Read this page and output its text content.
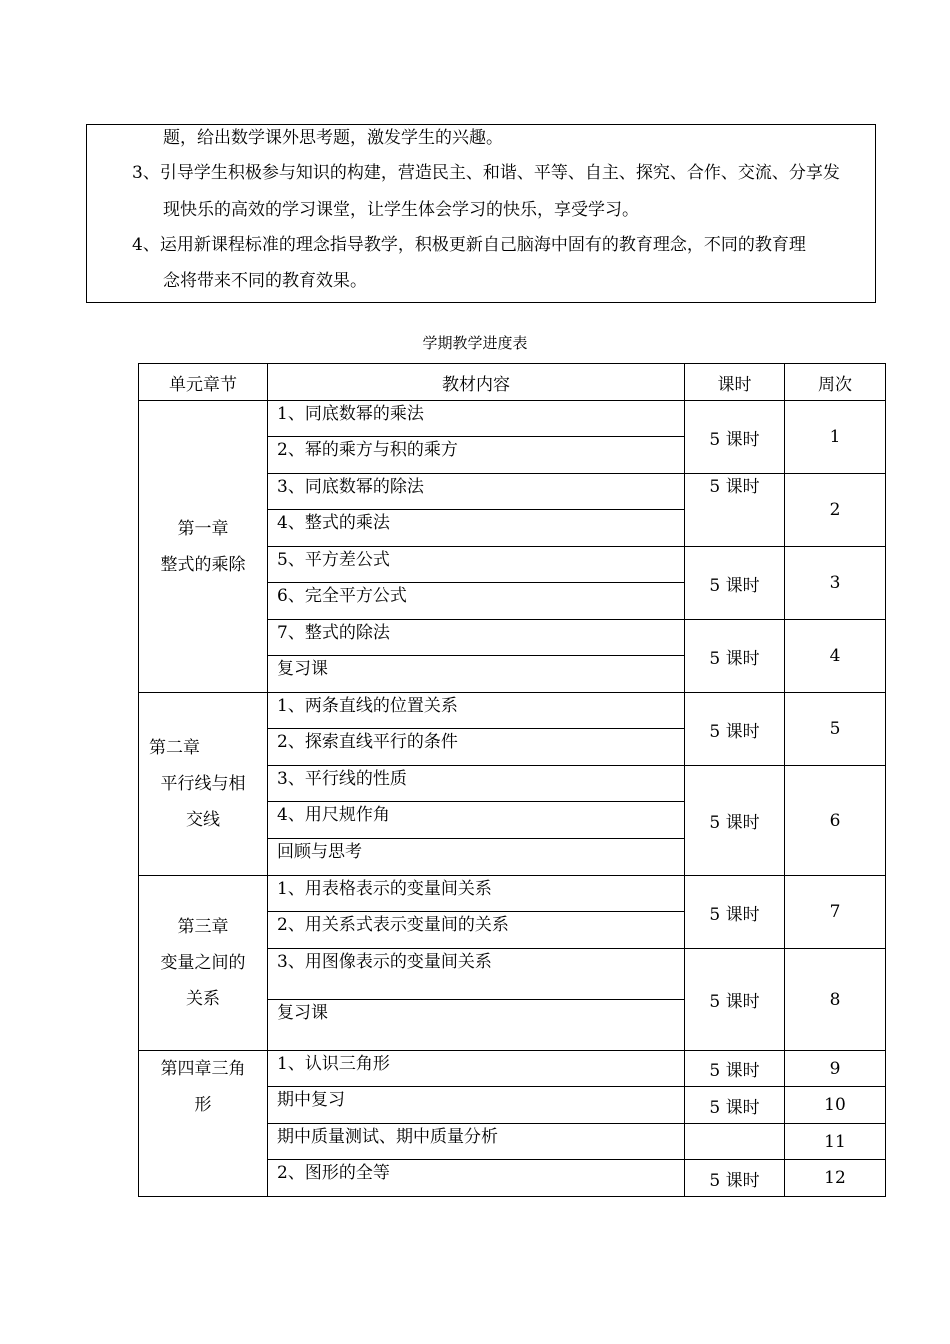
题，给出数学课外思考题，激发学生的兴趣。

3、引导学生积极参与知识的构建，营造民主、和谐、平等、自主、探究、合作、交流、分享发

现快乐的高效的学习课堂，让学生体会学习的快乐，享受学习。

4、运用新课程标准的理念指导教学，积极更新自己脑海中固有的教育理念，不同的教育理

念将带来不同的教育效果。

学期教学进度表
单元章节	教材内容	课时	周次

第一章
整式的乘除	1、同底数幂的乘法	5 课时	1
	2、幂的乘方与积的乘方		
	3、同底数幂的除法	5 课时	2
	4、整式的乘法		
	5、平方差公式	5 课时	3
	6、完全平方公式		
	7、整式的除法	5 课时	4
	复习课		

第二章
平行线与相
交线	1、两条直线的位置关系	5 课时	5
	2、探索直线平行的条件		
	3、平行线的性质	5 课时	6
	4、用尺规作角		
	回顾与思考		

第三章
变量之间的
关系	1、用表格表示的变量间关系	5 课时	7
	2、用关系式表示变量间的关系		
	3、用图像表示的变量间关系	5 课时	8
	复习课		

第四章三角
形	1、认识三角形	5 课时	9
	期中复习	5 课时	10
	期中质量测试、期中质量分析		11
	2、图形的全等	5 课时	12
